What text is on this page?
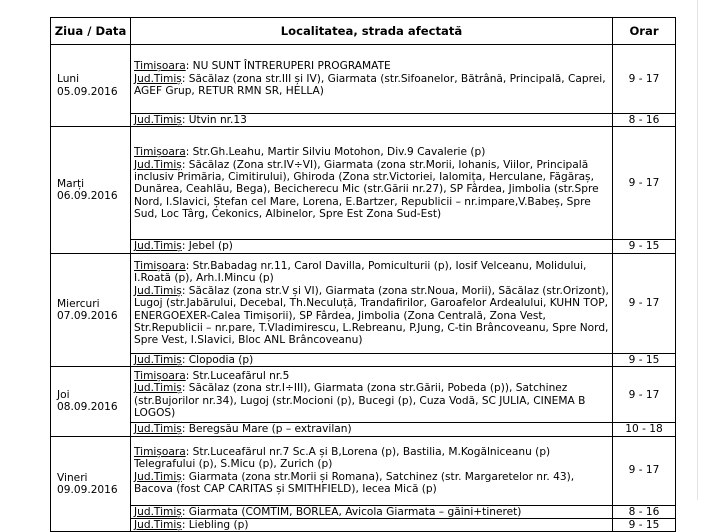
Ziua / Data	Localitatea, strada afectată	Orar
Luni
05.09.2016	Timișoara: NU SUNT ÎNTRERUPERI PROGRAMATE
Jud.Timiș: Săcălaz (zona str.III și IV), Giarmata (str.Sifoanelor, Bătrână, Principală, Caprei, AGEF Grup, RETUR RMN SR, HELLA)	9 - 17
	Jud.Timiș: Utvin nr.13	8 - 16
Marți
06.09.2016	Timișoara: Str.Gh.Leahu, Martir Silviu Motohon, Div.9 Cavalerie (p)
Jud.Timiș: Săcălaz (Zona str.IV÷VI), Giarmata (zona str.Morii, Iohanis, Viilor, Principală inclusiv Primăria, Cimitirului), Ghiroda (Zona str.Victoriei, Ialomița, Herculane, Făgăraș, Dunărea, Ceahlău, Bega), Becicherecu Mic (str.Gării nr.27), SP Fârdea, Jimbolia (str.Spre Nord, I.Slavici, Ștefan cel Mare, Lorena, E.Bartzer, Republicii – nr.impare,V.Babeș, Spre Sud, Loc Târg, Cekonics, Albinelor, Spre Est Zona Sud-Est)	9 - 17
	Jud.Timiș: Jebel (p)	9 - 15
Miercuri
07.09.2016	Timișoara: Str.Babadag nr.11, Carol Davilla, Pomiculturii (p), Iosif Velceanu, Molidului, I.Roată (p), Arh.I.Mincu (p)
Jud.Timiș: Săcălaz (zona str.V și VI), Giarmata (zona str.Noua, Morii), Săcălaz (str.Orizont), Lugoj (str.Jabărului, Decebal, Th.Neculuță, Trandafirilor, Garoafelor Ardealului, KUHN TOP, ENERGOEXER-Calea Timișorii), SP Fârdea, Jimbolia (Zona Centrală, Zona Vest, Str.Republicii – nr.pare, T.Vladimirescu, L.Rebreanu, P.Jung, C-tin Brâncoveanu, Spre Nord, Spre Vest, I.Slavici, Bloc ANL Brâncoveanu)	9 - 17
	Jud.Timiș: Clopodia (p)	9 - 15
Joi
08.09.2016	Timișoara: Str.Luceafărul nr.5
Jud.Timiș: Săcălaz (zona str.I÷III), Giarmata (zona str.Gării, Pobeda (p)), Satchinez (str.Bujorilor nr.34), Lugoj (str.Mocioni (p), Bucegi (p), Cuza Vodă, SC JULIA, CINEMA B LOGOS)	9 - 17
	Jud.Timiș: Beregsău Mare (p – extravilan)	10 - 18
Vineri
09.09.2016	Timișoara: Str.Luceafărul nr.7 Sc.A și B,Lorena (p), Bastilia, M.Kogălniceanu (p) Telegrafului (p), S.Micu (p), Zurich (p)
Jud.Timiș: Giarmata (zona str.Morii și Romana), Satchinez (str. Margaretelor nr. 43), Bacova (fost CAP CARITAS și SMITHFIELD), Iecea Mică (p)	9 - 17
	Jud.Timiș: Giarmata (COMTIM, BORLEA, Avicola Giarmata – găini+tineret)	8 - 16
	Jud.Timiș: Liebling (p)	9 - 15
